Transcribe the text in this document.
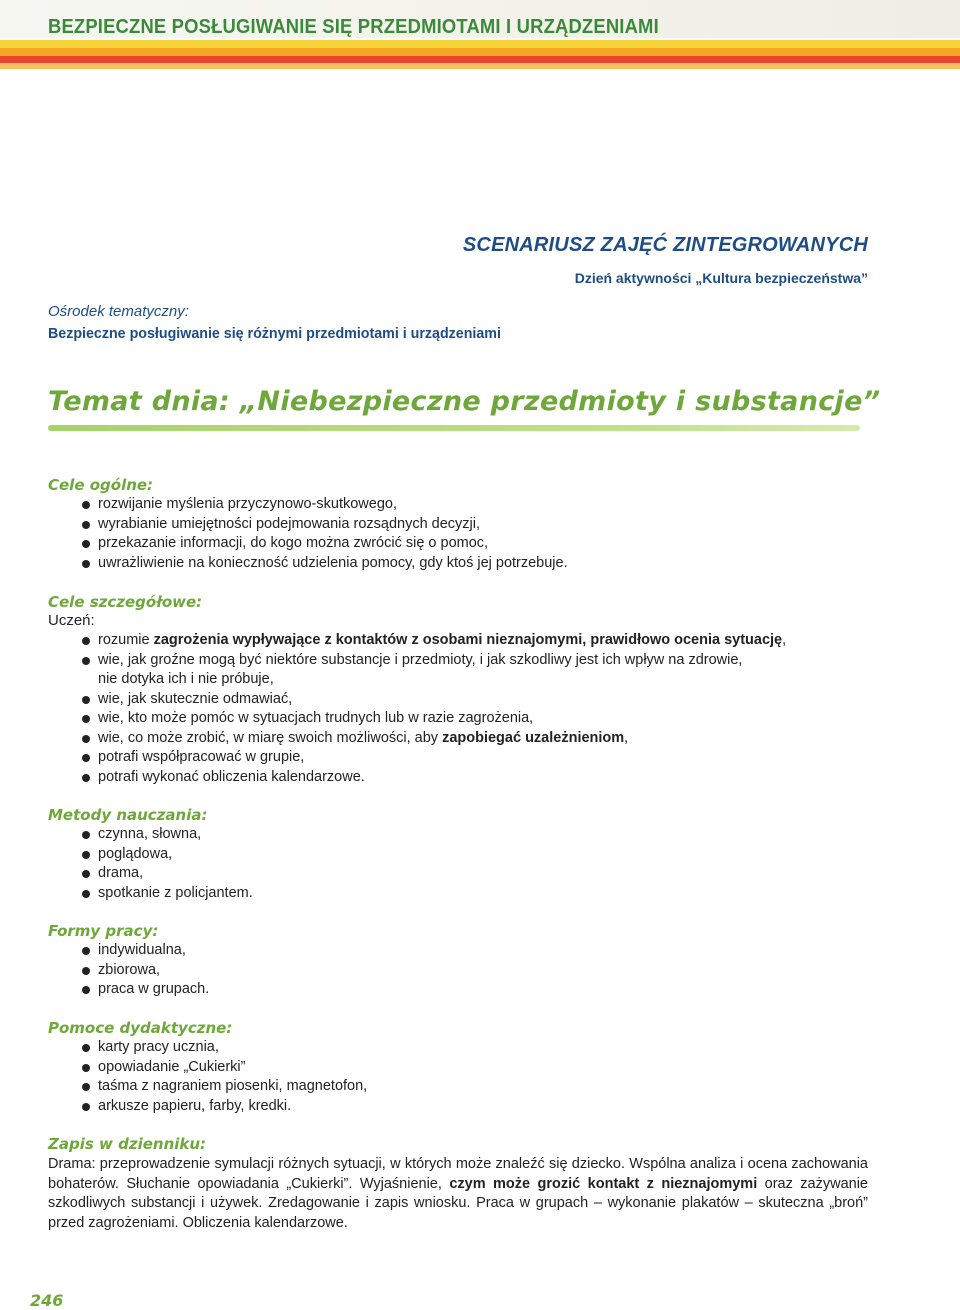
BEZPIECZNE POSŁUGIWANIE SIĘ PRZEDMIOTAMI I URZĄDZENIAMI
SCENARIUSZ ZAJĘĆ ZINTEGROWANYCH
Dzień aktywności „Kultura bezpieczeństwa”
Ośrodek tematyczny:
Bezpieczne posługiwanie się różnymi przedmiotami i urządzeniami
Temat dnia: „Niebezpieczne przedmioty i substancje”
Cele ogólne:
rozwijanie myślenia przyczynowo-skutkowego,
wyrabianie umiejętności podejmowania rozsądnych decyzji,
przekazanie informacji, do kogo można zwrócić się o pomoc,
uwrażliwienie na konieczność udzielenia pomocy, gdy ktoś jej potrzebuje.
Cele szczegółowe:
Uczeń:
rozumie zagrożenia wypływające z kontaktów z osobami nieznajomymi, prawidłowo ocenia sytuację,
wie, jak groźne mogą być niektóre substancje i przedmioty, i jak szkodliwy jest ich wpływ na zdrowie,
nie dotyka ich i nie próbuje,
wie, jak skutecznie odmawiać,
wie, kto może pomóc w sytuacjach trudnych lub w razie zagrożenia,
wie, co może zrobić, w miarę swoich możliwości, aby zapobiegać uzależnieniom,
potrafi współpracować w grupie,
potrafi wykonać obliczenia kalendarzowe.
Metody nauczania:
czynna, słowna,
poglądowa,
drama,
spotkanie z policjantem.
Formy pracy:
indywidualna,
zbiorowa,
praca w grupach.
Pomoce dydaktyczne:
karty pracy ucznia,
opowiadanie „Cukierki”
taśma z nagraniem piosenki, magnetofon,
arkusze papieru, farby, kredki.
Zapis w dzienniku:
Drama: przeprowadzenie symulacji różnych sytuacji, w których może znaleźć się dziecko. Wspólna analiza i ocena zachowania bohaterów. Słuchanie opowiadania „Cukierki”. Wyjaśnienie, czym może grozić kontakt z nieznajomymi oraz zażywanie szkodliwych substancji i używek. Zredagowanie i zapis wniosku. Praca w grupach – wykonanie plakatów – skuteczna „broń” przed zagrożeniami. Obliczenia kalendarzowe.
246
